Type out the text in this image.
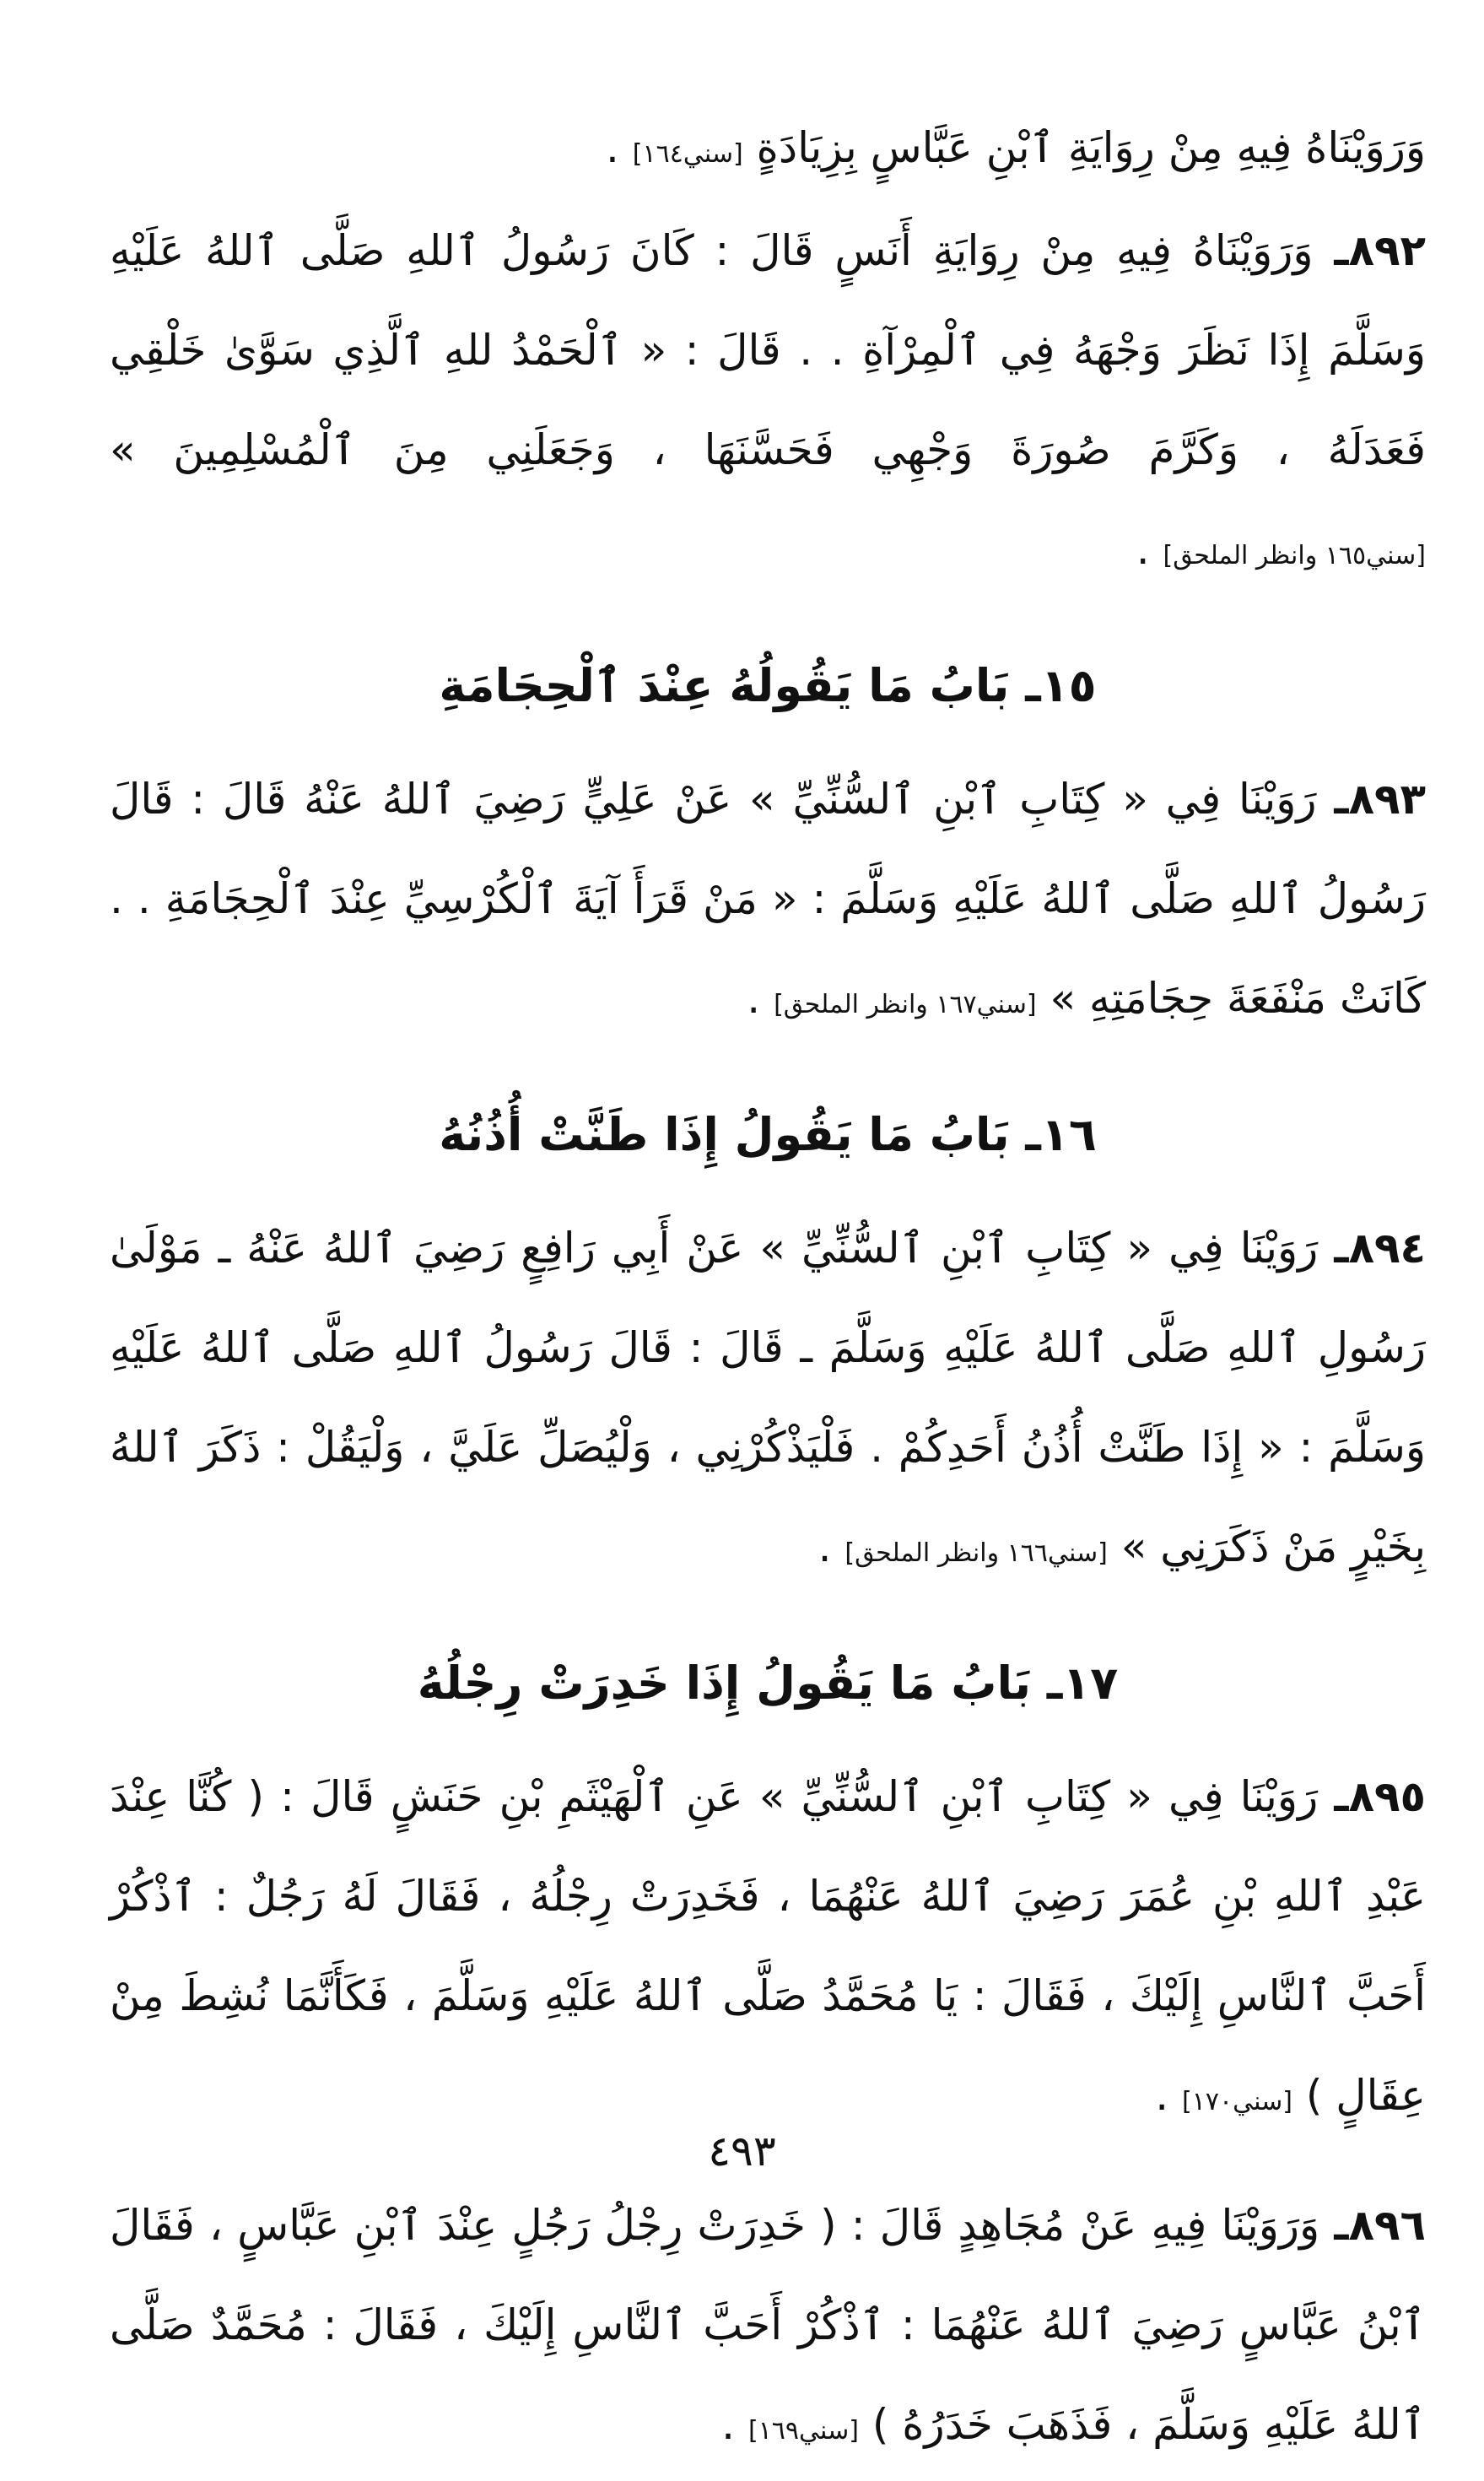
وَرَوَيْنَاهُ فِيهِ مِنْ رِوَايَةِ ٱبْنِ عَبَّاسٍ بِزِيَادَةٍ [سني١٦٤] .

٨٩٢ـ وَرَوَيْنَاهُ فِيهِ مِنْ رِوَايَةِ أَنَسٍ قَالَ : كَانَ رَسُولُ ٱللهِ صَلَّى ٱللهُ عَلَيْهِ وَسَلَّمَ إِذَا نَظَرَ وَجْهَهُ فِي ٱلْمِرْآةِ . . قَالَ : « ٱلْحَمْدُ للهِ ٱلَّذِي سَوَّىٰ خَلْقِي فَعَدَلَهُ ، وَكَرَّمَ صُورَةَ وَجْهِي فَحَسَّنَهَا ، وَجَعَلَنِي مِنَ ٱلْمُسْلِمِينَ » [سني١٦٥ وانظر الملحق] .

١٥ـ بَابُ مَا يَقُولُهُ عِنْدَ ٱلْحِجَامَةِ

٨٩٣ـ رَوَيْنَا فِي « كِتَابِ ٱبْنِ ٱلسُّنِّيِّ » عَنْ عَلِيٍّ رَضِيَ ٱللهُ عَنْهُ قَالَ : قَالَ رَسُولُ ٱللهِ صَلَّى ٱللهُ عَلَيْهِ وَسَلَّمَ : « مَنْ قَرَأَ آيَةَ ٱلْكُرْسِيِّ عِنْدَ ٱلْحِجَامَةِ . . كَانَتْ مَنْفَعَةَ حِجَامَتِهِ » [سني١٦٧ وانظر الملحق] .

١٦ـ بَابُ مَا يَقُولُ إِذَا طَنَّتْ أُذُنُهُ

٨٩٤ـ رَوَيْنَا فِي « كِتَابِ ٱبْنِ ٱلسُّنِّيِّ » عَنْ أَبِي رَافِعٍ رَضِيَ ٱللهُ عَنْهُ ـ مَوْلَىٰ رَسُولِ ٱللهِ صَلَّى ٱللهُ عَلَيْهِ وَسَلَّمَ ـ قَالَ : قَالَ رَسُولُ ٱللهِ صَلَّى ٱللهُ عَلَيْهِ وَسَلَّمَ : « إِذَا طَنَّتْ أُذُنُ أَحَدِكُمْ . فَلْيَذْكُرْنِي ، وَلْيُصَلِّ عَلَيَّ ، وَلْيَقُلْ : ذَكَرَ ٱللهُ بِخَيْرٍ مَنْ ذَكَرَنِي » [سني١٦٦ وانظر الملحق] .

١٧ـ بَابُ مَا يَقُولُ إِذَا خَدِرَتْ رِجْلُهُ

٨٩٥ـ رَوَيْنَا فِي « كِتَابِ ٱبْنِ ٱلسُّنِّيِّ » عَنِ ٱلْهَيْثَمِ بْنِ حَنَشٍ قَالَ : ( كُنَّا عِنْدَ عَبْدِ ٱللهِ بْنِ عُمَرَ رَضِيَ ٱللهُ عَنْهُمَا ، فَخَدِرَتْ رِجْلُهُ ، فَقَالَ لَهُ رَجُلٌ : ٱذْكُرْ أَحَبَّ ٱلنَّاسِ إِلَيْكَ ، فَقَالَ : يَا مُحَمَّدُ صَلَّى ٱللهُ عَلَيْهِ وَسَلَّمَ ، فَكَأَنَّمَا نُشِطَ مِنْ عِقَالٍ ) [سني١٧٠] .

٨٩٦ـ وَرَوَيْنَا فِيهِ عَنْ مُجَاهِدٍ قَالَ : ( خَدِرَتْ رِجْلُ رَجُلٍ عِنْدَ ٱبْنِ عَبَّاسٍ ، فَقَالَ ٱبْنُ عَبَّاسٍ رَضِيَ ٱللهُ عَنْهُمَا : ٱذْكُرْ أَحَبَّ ٱلنَّاسِ إِلَيْكَ ، فَقَالَ : مُحَمَّدٌ صَلَّى ٱللهُ عَلَيْهِ وَسَلَّمَ ، فَذَهَبَ خَدَرُهُ ) [سني١٦٩] .

٤٩٣
